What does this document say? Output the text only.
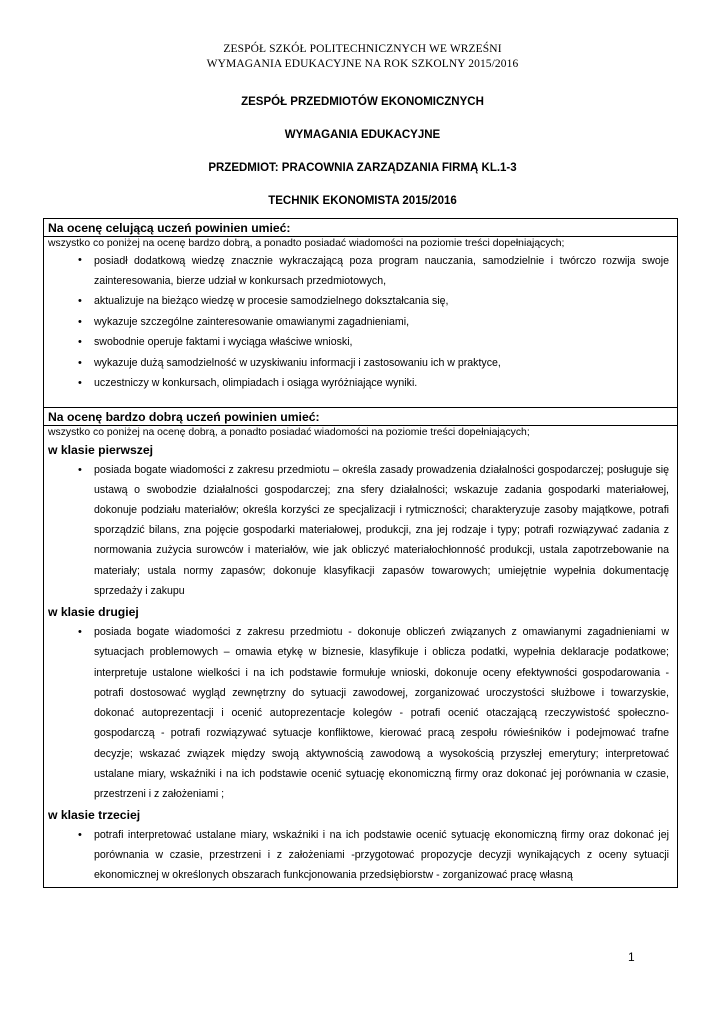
ZESPÓŁ SZKÓŁ POLITECHNICZNYCH WE WRZEŚNI
WYMAGANIA EDUKACYJNE NA ROK SZKOLNY 2015/2016
ZESPÓŁ PRZEDMIOTÓW EKONOMICZNYCH
WYMAGANIA EDUKACYJNE
PRZEDMIOT: PRACOWNIA ZARZĄDZANIA FIRMĄ KL.1-3
TECHNIK EKONOMISTA 2015/2016
Na ocenę celującą uczeń powinien umieć:
wszystko co poniżej na ocenę bardzo dobrą, a ponadto posiadać wiadomości na poziomie treści dopełniających;
• posiadł dodatkową wiedzę znacznie wykraczającą poza program nauczania, samodzielnie i twórczo rozwija swoje zainteresowania, bierze udział w konkursach przedmiotowych,
• aktualizuje na bieżąco wiedzę w procesie samodzielnego dokształcania się,
• wykazuje szczególne zainteresowanie omawianymi zagadnieniami,
• swobodnie operuje faktami i wyciąga właściwe wnioski,
• wykazuje dużą samodzielność w uzyskiwaniu informacji i zastosowaniu ich w praktyce,
• uczestniczy w konkursach, olimpiadach i osiąga wyróżniające wyniki.
Na ocenę bardzo dobrą uczeń powinien umieć:
wszystko co poniżej na ocenę dobrą, a ponadto posiadać wiadomości na poziomie treści dopełniających;
w klasie pierwszej
• posiada bogate wiadomości z zakresu przedmiotu – określa zasady prowadzenia działalności gospodarczej; posługuje się ustawą o swobodzie działalności gospodarczej; zna sfery działalności; wskazuje zadania gospodarki materiałowej, dokonuje podziału materiałów; określa korzyści ze specjalizacji i rytmiczności; charakteryzuje zasoby majątkowe, potrafi sporządzić bilans, zna pojęcie gospodarki materiałowej, produkcji, zna jej rodzaje i typy; potrafi rozwiązywać zadania z normowania zużycia surowców i materiałów, wie jak obliczyć materiałochłonność produkcji, ustala zapotrzebowanie na materiały; ustala normy zapasów; dokonuje klasyfikacji zapasów towarowych; umiejętnie wypełnia dokumentację sprzedaży i zakupu
w klasie drugiej
• posiada bogate wiadomości z zakresu przedmiotu - dokonuje obliczeń związanych z omawianymi zagadnieniami w sytuacjach problemowych – omawia etykę w biznesie, klasyfikuje i oblicza podatki, wypełnia deklaracje podatkowe; interpretuje ustalone wielkości i na ich podstawie formułuje wnioski, dokonuje oceny efektywności gospodarowania - potrafi dostosować wygląd zewnętrzny do sytuacji zawodowej, zorganizować uroczystości służbowe i towarzyskie, dokonać autoprezentacji i ocenić autoprezentacje kolegów - potrafi ocenić otaczającą rzeczywistość społeczno-gospodarczą - potrafi rozwiązywać sytuacje konfliktowe, kierować pracą zespołu rówieśników i podejmować trafne decyzje; wskazać związek między swoją aktywnością zawodową a wysokością przyszłej emerytury; interpretować ustalane miary, wskaźniki i na ich podstawie ocenić sytuację ekonomiczną firmy oraz dokonać jej porównania w czasie, przestrzeni i z założeniami ;
w klasie trzeciej
• potrafi interpretować ustalane miary, wskaźniki i na ich podstawie ocenić sytuację ekonomiczną firmy oraz dokonać jej porównania w czasie, przestrzeni i z założeniami -przygotować propozycje decyzji wynikających z oceny sytuacji ekonomicznej w określonych obszarach funkcjonowania przedsiębiorstw - zorganizować pracę własną
1
